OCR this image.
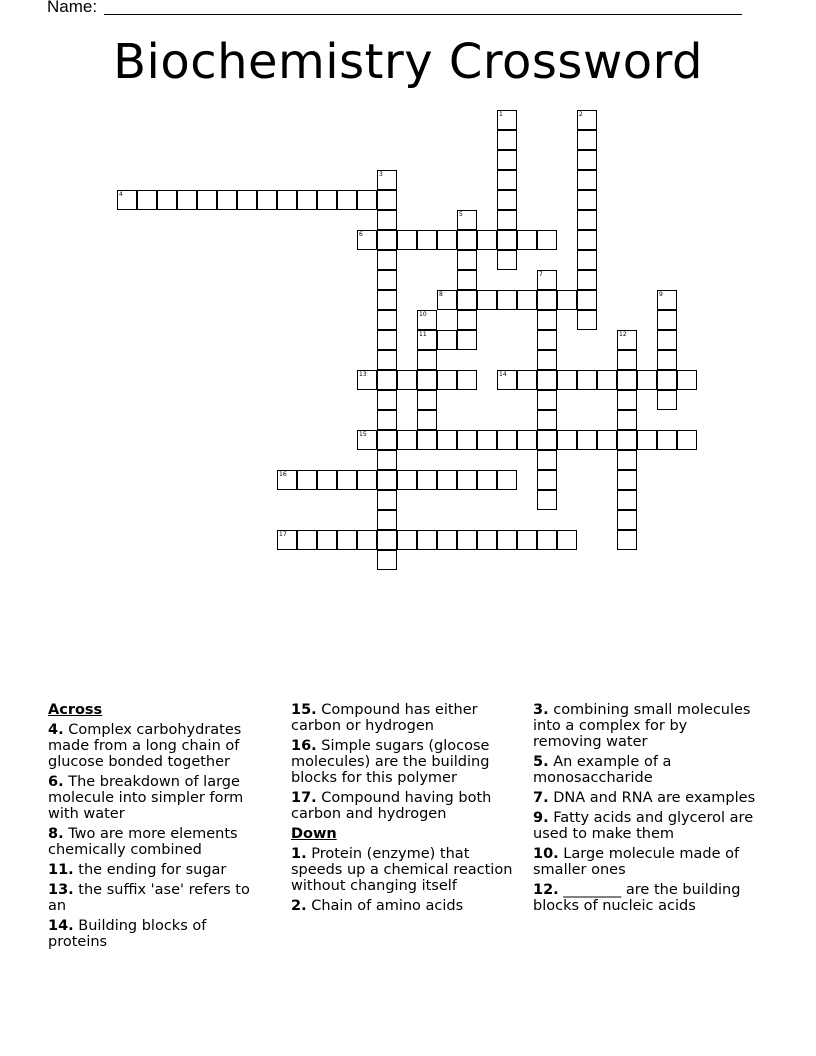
Name:
Biochemistry Crossword
1	2
3
4
5
6
7
8	9
10
11	12
13	14
15
16
17
Across
4. Complex carbohydrates made from a long chain of glucose bonded together
6. The breakdown of large molecule into simpler form with water
8. Two are more elements chemically combined
11. the ending for sugar
13. the suffix 'ase' refers to an
14. Building blocks of proteins
15. Compound has either carbon or hydrogen
16. Simple sugars (glocose molecules) are the building blocks for this polymer
17. Compound having both carbon and hydrogen
Down
1. Protein (enzyme) that speeds up a chemical reaction without changing itself
2. Chain of amino acids
3. combining small molecules into a complex for by removing water
5. An example of a monosaccharide
7. DNA and RNA are examples
9. Fatty acids and glycerol are used to make them
10. Large molecule made of smaller ones
12. ________ are the building blocks of nucleic acids
